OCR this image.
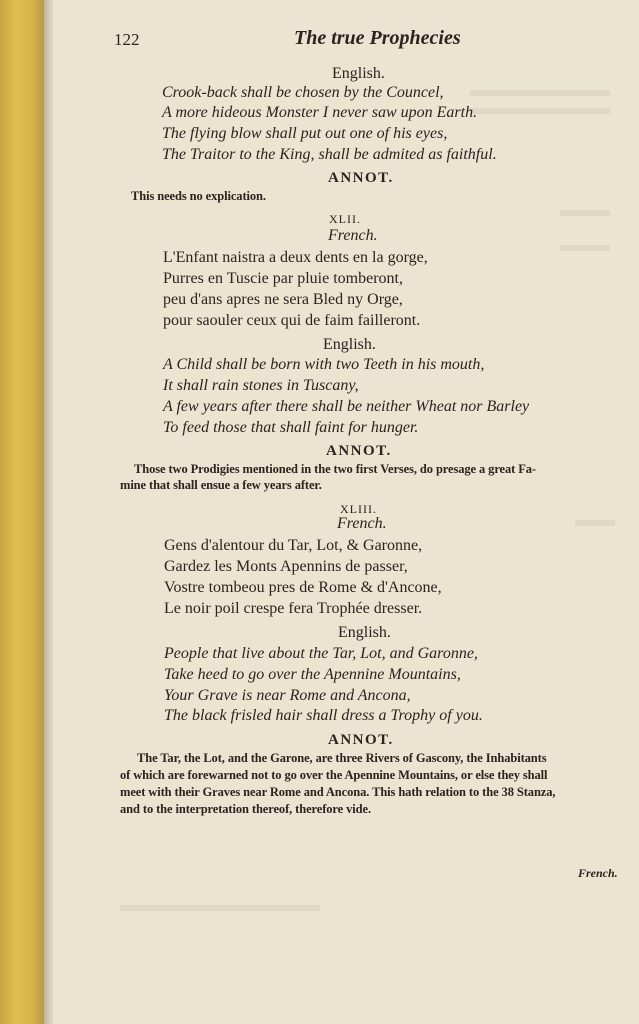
122	The true Prophecies
English.
Crook-back shall be chosen by the Councel,
A more hideous Monster I never saw upon Earth.
The flying blow shall put out one of his eyes,
The Traitor to the King, shall be admited as faithful.
ANNOT.
This needs no explication.
XLII.
French.
L'Enfant naistra a deux dents en la gorge,
Purres en Tuscie par pluie tomberont,
peu d'ans apres ne sera Bled ny Orge,
pour saouler ceux qui de faim failleront.
English.
A Child shall be born with two Teeth in his mouth,
It shall rain stones in Tuscany,
A few years after there shall be neither Wheat nor Barley
To feed those that shall faint for hunger.
ANNOT.
Those two Prodigies mentioned in the two first Verses, do presage a great Fa-
mine that shall ensue a few years after.
XLIII.
French.
Gens d'alentour du Tar, Lot, & Garonne,
Gardez les Monts Apennins de passer,
Vostre tombeou pres de Rome & d'Ancone,
Le noir poil crespe fera Trophée dresser.
English.
People that live about the Tar, Lot, and Garonne,
Take heed to go over the Apennine Mountains,
Your Grave is near Rome and Ancona,
The black frisled hair shall dress a Trophy of you.
ANNOT.
The Tar, the Lot, and the Garone, are three Rivers of Gascony, the Inhabitants
of which are forewarned not to go over the Apennine Mountains, or else they shall
meet with their Graves near Rome and Ancona. This hath relation to the 38 Stanza,
and to the interpretation thereof, therefore vide.
French.
